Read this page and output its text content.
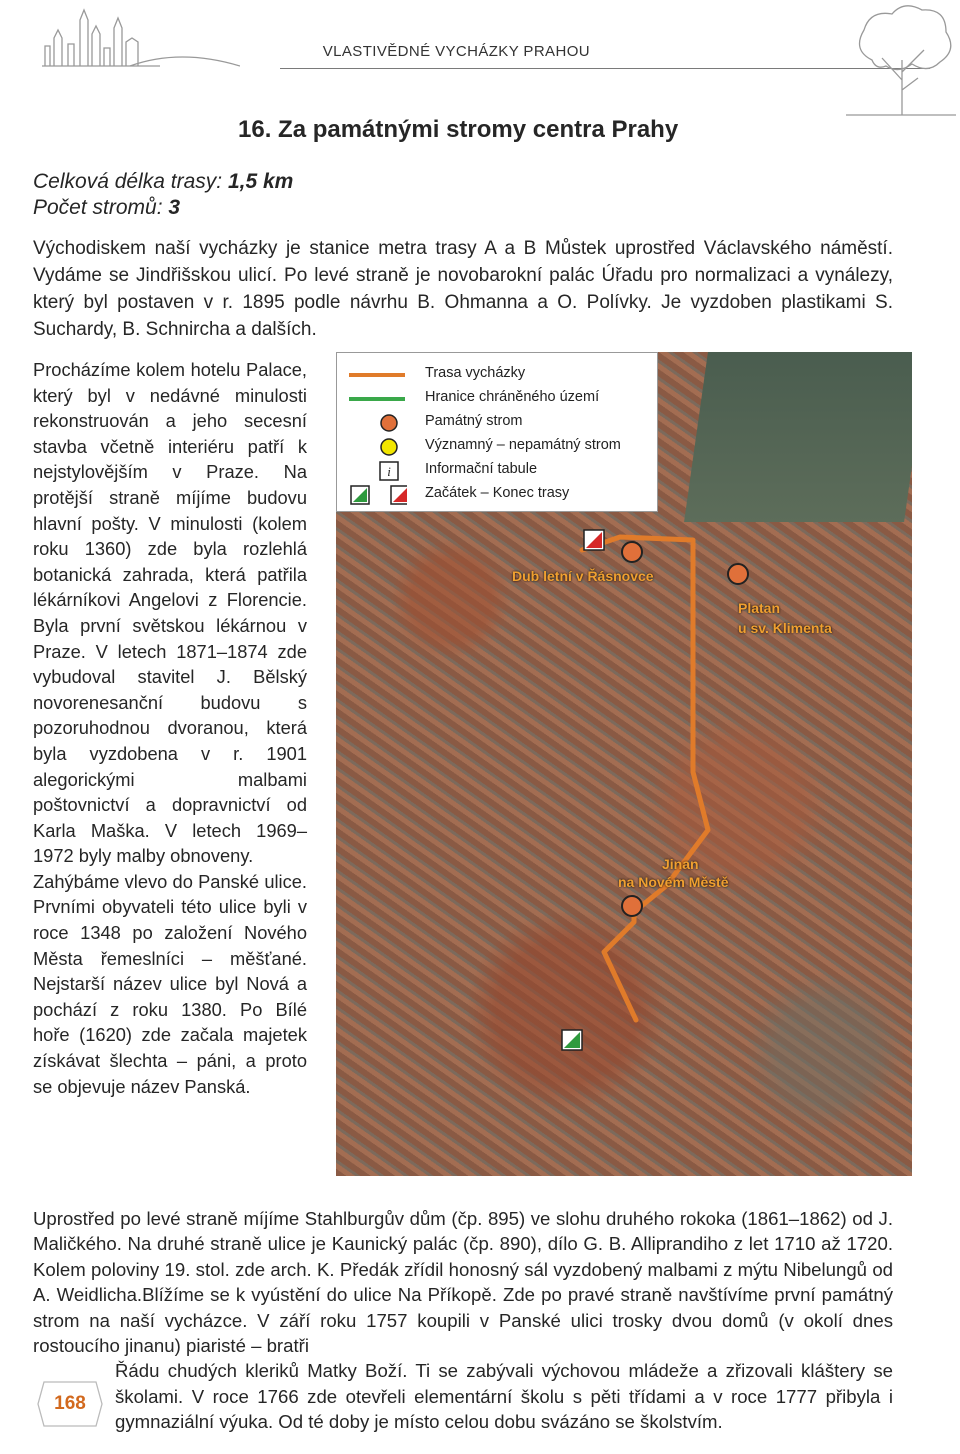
VLASTIVĚDNÉ VYCHÁZKY PRAHOU
16. Za památnými stromy centra Prahy
Celková délka trasy: 1,5 km
Počet stromů: 3
Východiskem naší vycházky je stanice metra trasy A a B Můstek uprostřed Václavského náměstí. Vydáme se Jindřišskou ulicí. Po levé straně je novobarokní palác Úřadu pro normalizaci a vynálezy, který byl postaven v r. 1895 podle návrhu B. Ohmanna a O. Polívky. Je vyzdoben plastikami S. Suchardy, B. Schnircha a dalších.

Procházíme kolem hotelu Palace, který byl v nedávné minulosti rekonstruován a jeho secesní stavba včetně interiéru patří k nejstylovějším v Praze. Na protější straně míjíme budovu hlavní pošty. V minulosti (kolem roku 1360) zde byla rozlehlá botanická zahrada, která patřila lékárníkovi Angelovi z Florencie. Byla první světskou lékárnou v Praze. V letech 1871–1874 zde vybudoval stavitel J. Bělský novorenesanční budovu s pozoruhodnou dvoranou, která byla vyzdobena v r. 1901 alegorickými malbami poštovnictví a dopravnictví od Karla Maška. V letech 1969–1972 byly malby obnoveny.

Zahýbáme vlevo do Panské ulice. Prvními obyvateli této ulice byli v roce 1348 po založení Nového Města řemeslníci – měšťané. Nejstarší název ulice byl Nová a pochází z roku 1380. Po Bílé hoře (1620) zde začala majetek získávat šlechta – páni, a proto se objevuje název Panská.

Dub letní v Řásnovce
Platan
u sv. Klimenta
Jinan
na Novém Městě
Trasa vycházky
Hranice chráněného území
Památný strom
Významný – nepamátný strom
i Informační tabule
Začátek – Konec trasy

Uprostřed po levé straně míjíme Stahlburgův dům (čp. 895) ve slohu druhého rokoka (1861–1862) od J. Maličkého. Na druhé straně ulice je Kaunický palác (čp. 890), dílo G. B. Alliprandiho z let 1710 až 1720. Kolem poloviny 19. stol. zde arch. K. Předák zřídil honosný sál vyzdobený malbami z mýtu Nibelungů od A. Weidlicha.Blížíme se k vyústění do ulice Na Příkopě. Zde po pravé straně navštívíme první památný strom na naší vycházce. V září roku 1757 koupili v Panské ulici trosky dvou domů (v okolí dnes rostoucího jinanu) piaristé – bratři

Řádu chudých kleriků Matky Boží. Ti se zabývali výchovou mládeže a zřizovali kláštery se školami. V roce 1766 zde otevřeli elementární školu s pěti třídami a v roce 1777 přibyla i gymnaziální výuka. Od té doby je místo celou dobu svázáno se školstvím.

168
